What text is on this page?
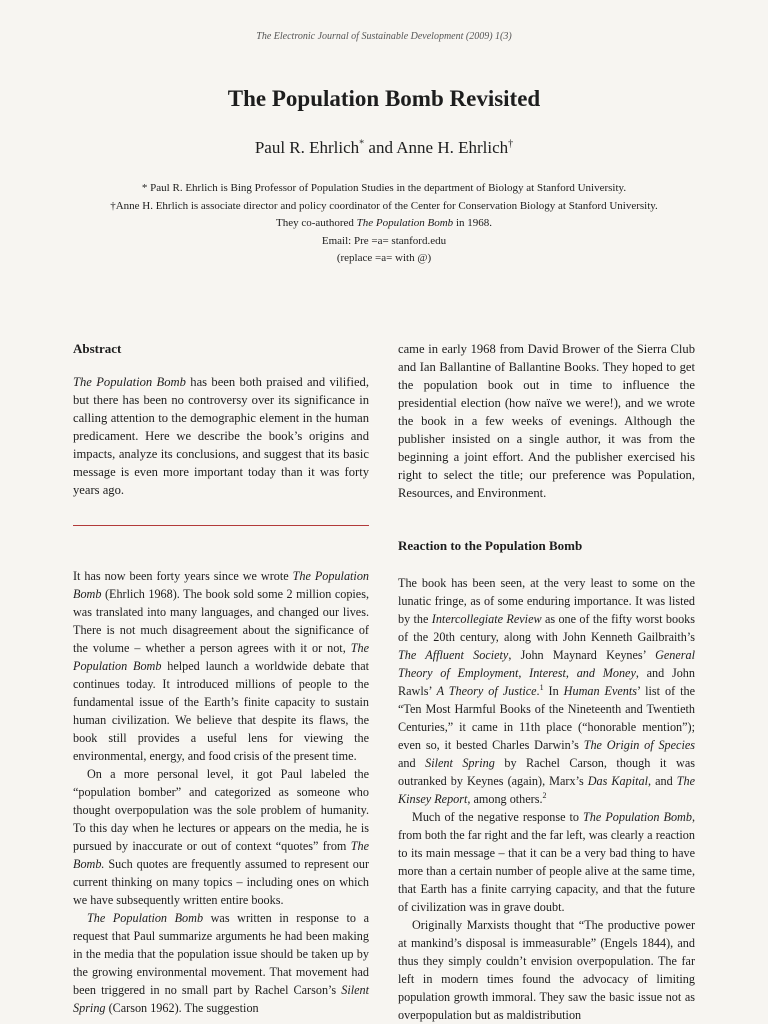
The Electronic Journal of Sustainable Development (2009) 1(3)
The Population Bomb Revisited
Paul R. Ehrlich* and Anne H. Ehrlich†

* Paul R. Ehrlich is Bing Professor of Population Studies in the department of Biology at Stanford University.

†Anne H. Ehrlich is associate director and policy coordinator of the Center for Conservation Biology at Stanford University.

They co-authored The Population Bomb in 1968.

Email: Pre =a= stanford.edu

(replace =a= with @)

Abstract

The Population Bomb has been both praised and vilified, but there has been no controversy over its significance in calling attention to the demographic element in the human predicament. Here we describe the book’s origins and impacts, analyze its conclusions, and suggest that its basic message is even more important today than it was forty years ago.

It has now been forty years since we wrote The Population Bomb (Ehrlich 1968). The book sold some 2 million copies, was translated into many languages, and changed our lives. There is not much disagreement about the significance of the volume – whether a person agrees with it or not, The Population Bomb helped launch a worldwide debate that continues today. It introduced millions of people to the fundamental issue of the Earth’s finite capacity to sustain human civilization. We believe that despite its flaws, the book still provides a useful lens for viewing the environmental, energy, and food crisis of the present time.

On a more personal level, it got Paul labeled the “population bomber” and categorized as someone who thought overpopulation was the sole problem of humanity. To this day when he lectures or appears on the media, he is pursued by inaccurate or out of context “quotes” from The Bomb. Such quotes are frequently assumed to represent our current thinking on many topics – including ones on which we have subsequently written entire books.

The Population Bomb was written in response to a request that Paul summarize arguments he had been making in the media that the population issue should be taken up by the growing environmental movement. That movement had been triggered in no small part by Rachel Carson’s Silent Spring (Carson 1962). The suggestion

came in early 1968 from David Brower of the Sierra Club and Ian Ballantine of Ballantine Books. They hoped to get the population book out in time to influence the presidential election (how naïve we were!), and we wrote the book in a few weeks of evenings. Although the publisher insisted on a single author, it was from the beginning a joint effort. And the publisher exercised his right to select the title; our preference was Population, Resources, and Environment.

Reaction to the Population Bomb

The book has been seen, at the very least to some on the lunatic fringe, as of some enduring importance. It was listed by the Intercollegiate Review as one of the fifty worst books of the 20th century, along with John Kenneth Gailbraith’s The Affluent Society, John Maynard Keynes’ General Theory of Employment, Interest, and Money, and John Rawls’ A Theory of Justice.$^1$ In Human Events’ list of the “Ten Most Harmful Books of the Nineteenth and Twentieth Centuries,” it came in 11th place (“honorable mention”); even so, it bested Charles Darwin’s The Origin of Species and Silent Spring by Rachel Carson, though it was outranked by Keynes (again), Marx’s Das Kapital, and The Kinsey Report, among others.$^2$

Much of the negative response to The Population Bomb, from both the far right and the far left, was clearly a reaction to its main message – that it can be a very bad thing to have more than a certain number of people alive at the same time, that Earth has a finite carrying capacity, and that the future of civilization was in grave doubt.

Originally Marxists thought that “The productive power at mankind’s disposal is immeasurable” (Engels 1844), and thus they simply couldn’t envision overpopulation. The far left in modern times found the advocacy of limiting population growth immoral. They saw the basic issue not as overpopulation but as maldistribution
